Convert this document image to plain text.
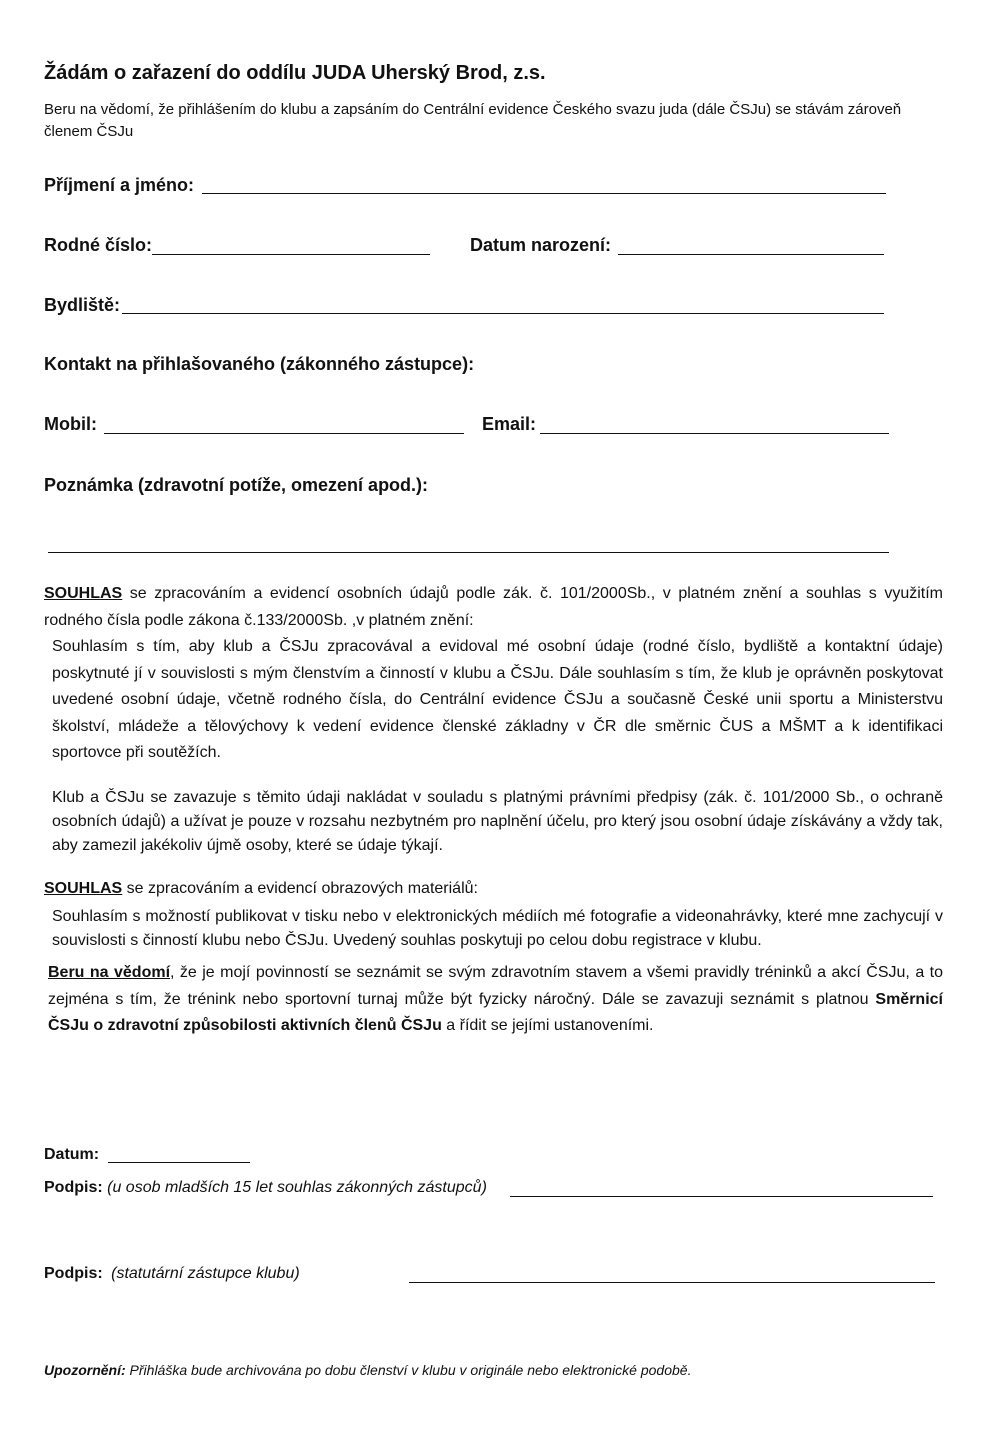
Žádám o zařazení do oddílu JUDA Uherský Brod, z.s.
Beru na vědomí, že přihlášením do klubu a zapsáním do Centrální evidence Českého svazu juda (dále ČSJu) se stávám zároveň členem ČSJu
Příjmení a jméno:
Rodné číslo:	Datum narození:
Bydliště:
Kontakt na přihlašovaného (zákonného zástupce):
Mobil:	Email:
Poznámka (zdravotní potíže, omezení apod.):
SOUHLAS se zpracováním a evidencí osobních údajů podle zák. č. 101/2000Sb., v platném znění a souhlas s využitím rodného čísla podle zákona č.133/2000Sb. ,v platném znění:
Souhlasím s tím, aby klub a ČSJu zpracovával a evidoval mé osobní údaje (rodné číslo, bydliště a kontaktní údaje) poskytnuté jí v souvislosti s mým členstvím a činností v klubu a ČSJu. Dále souhlasím s tím, že klub je oprávněn poskytovat uvedené osobní údaje, včetně rodného čísla, do Centrální evidence ČSJu a současně České unii sportu a Ministerstvu školství, mládeže a tělovýchovy k vedení evidence členské základny v ČR dle směrnic ČUS a MŠMT a k identifikaci sportovce při soutěžích.
Klub a ČSJu se zavazuje s těmito údaji nakládat v souladu s platnými právními předpisy (zák. č. 101/2000 Sb., o ochraně osobních údajů) a užívat je pouze v rozsahu nezbytném pro naplnění účelu, pro který jsou osobní údaje získávány a vždy tak, aby zamezil jakékoliv újmě osoby, které se údaje týkají.
SOUHLAS se zpracováním a evidencí obrazových materiálů:
Souhlasím s možností publikovat v tisku nebo v elektronických médiích mé fotografie a videonahrávky, které mne zachycují v souvislosti s činností klubu nebo ČSJu. Uvedený souhlas poskytuji po celou dobu registrace v klubu.
Beru na vědomí, že je mojí povinností se seznámit se svým zdravotním stavem a všemi pravidly tréninků a akcí ČSJu, a to zejména s tím, že trénink nebo sportovní turnaj může být fyzicky náročný. Dále se zavazuji seznámit s platnou Směrnicí ČSJu o zdravotní způsobilosti aktivních členů ČSJu a řídit se jejími ustanoveními.
Datum:
Podpis: (u osob mladších 15 let souhlas zákonných zástupců)
Podpis: (statutární zástupce klubu)
Upozornění: Přihláška bude archivována po dobu členství v klubu v originále nebo elektronické podobě.
